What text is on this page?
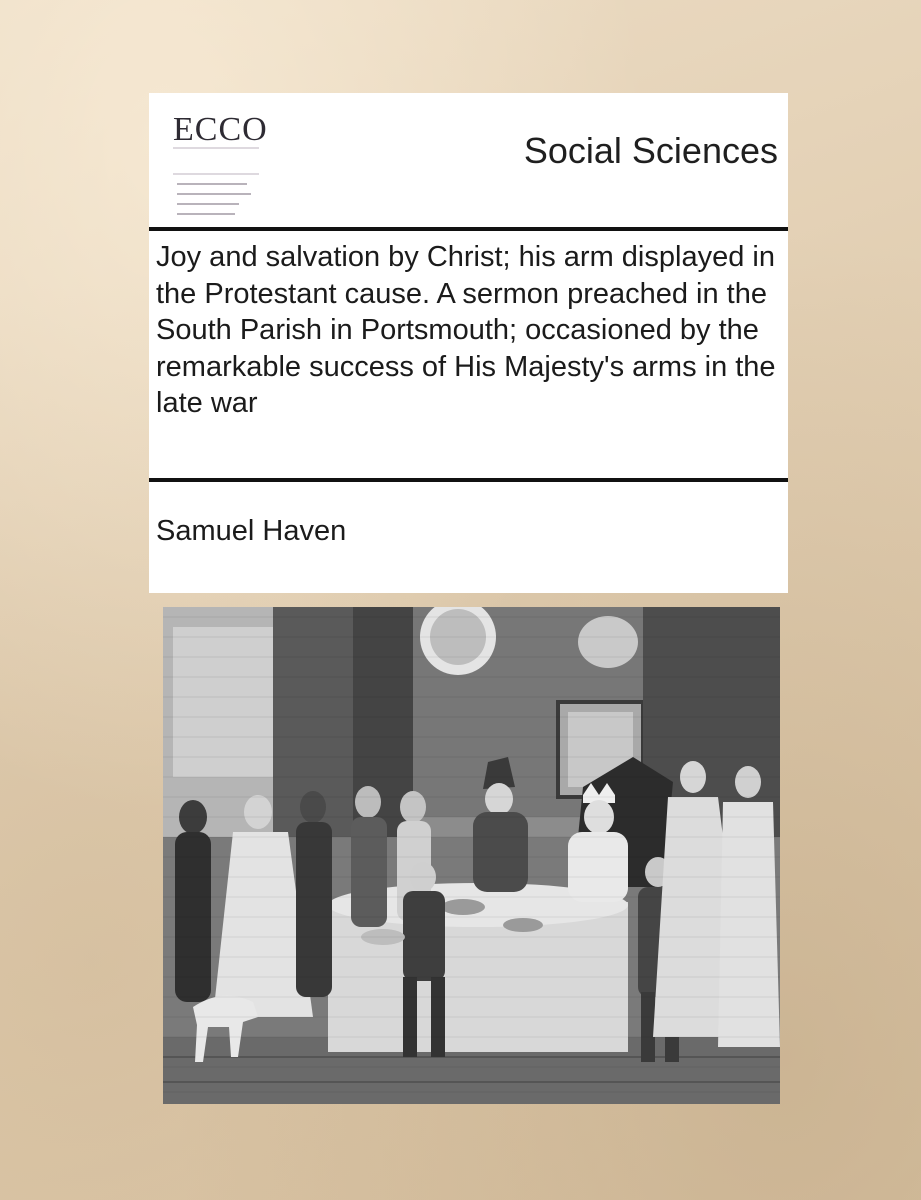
ECCO
Social Sciences
Joy and salvation by Christ; his arm displayed in the Protestant cause. A sermon preached in the South Parish in Portsmouth; occasioned by the remarkable success of His Majesty's arms in the late war
Samuel Haven
